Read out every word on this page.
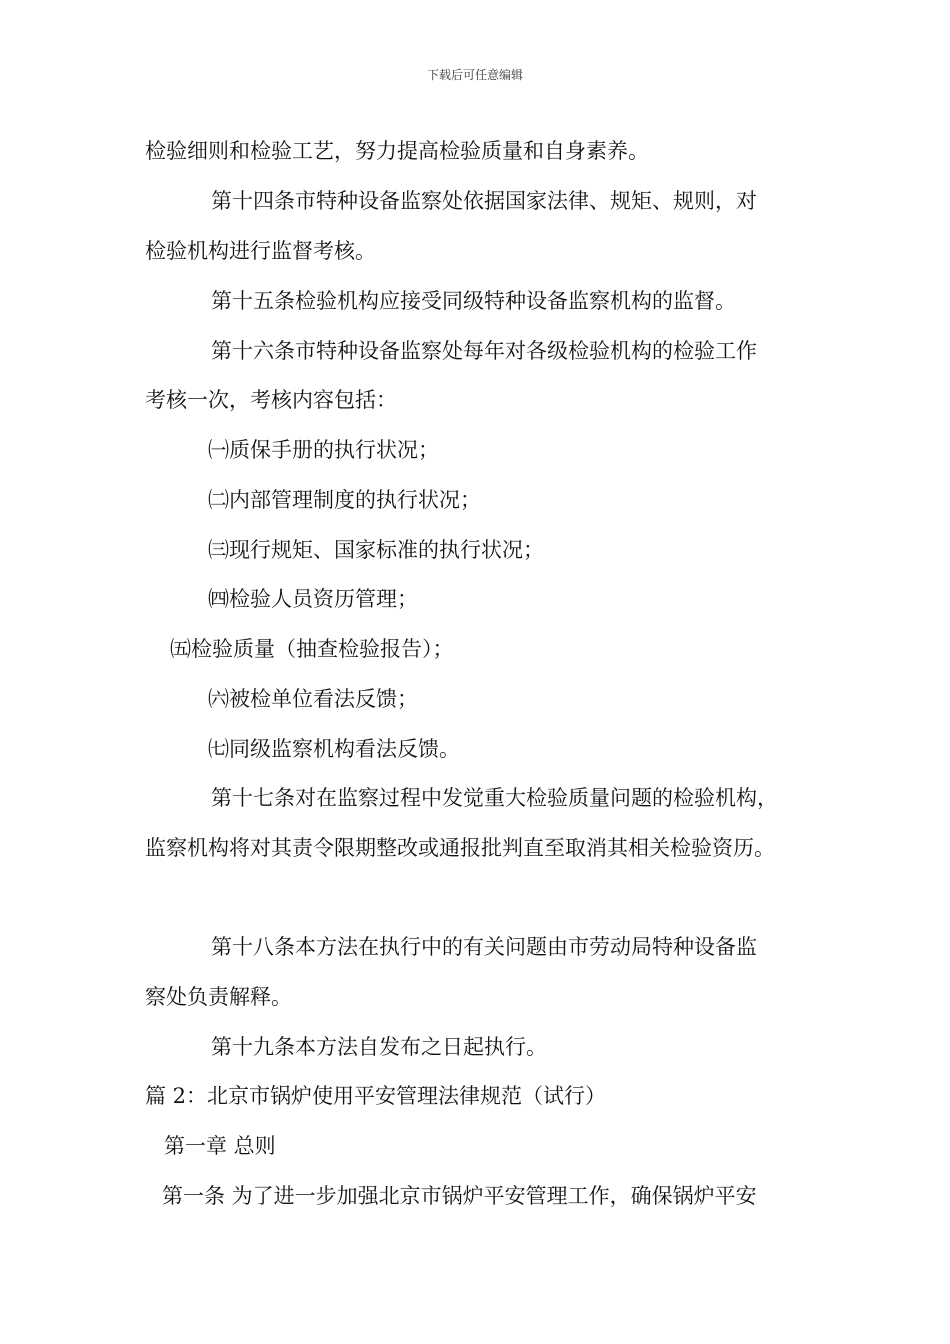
下载后可任意编辑
检验细则和检验工艺，努力提高检验质量和自身素养。
第十四条市特种设备监察处依据国家法律、规矩、规则，对
检验机构进行监督考核。
第十五条检验机构应接受同级特种设备监察机构的监督。
第十六条市特种设备监察处每年对各级检验机构的检验工作
考核一次，考核内容包括：
㈠质保手册的执行状况；
㈡内部管理制度的执行状况；
㈢现行规矩、国家标准的执行状况；
㈣检验人员资历管理；
㈤检验质量（抽查检验报告）；
㈥被检单位看法反馈；
㈦同级监察机构看法反馈。
第十七条对在监察过程中发觉重大检验质量问题的检验机构，
监察机构将对其责令限期整改或通报批判直至取消其相关检验资历。
第十八条本方法在执行中的有关问题由市劳动局特种设备监
察处负责解释。
第十九条本方法自发布之日起执行。
篇 2：北京市锅炉使用平安管理法律规范（试行）
第一章 总则
第一条 为了进一步加强北京市锅炉平安管理工作，确保锅炉平安
